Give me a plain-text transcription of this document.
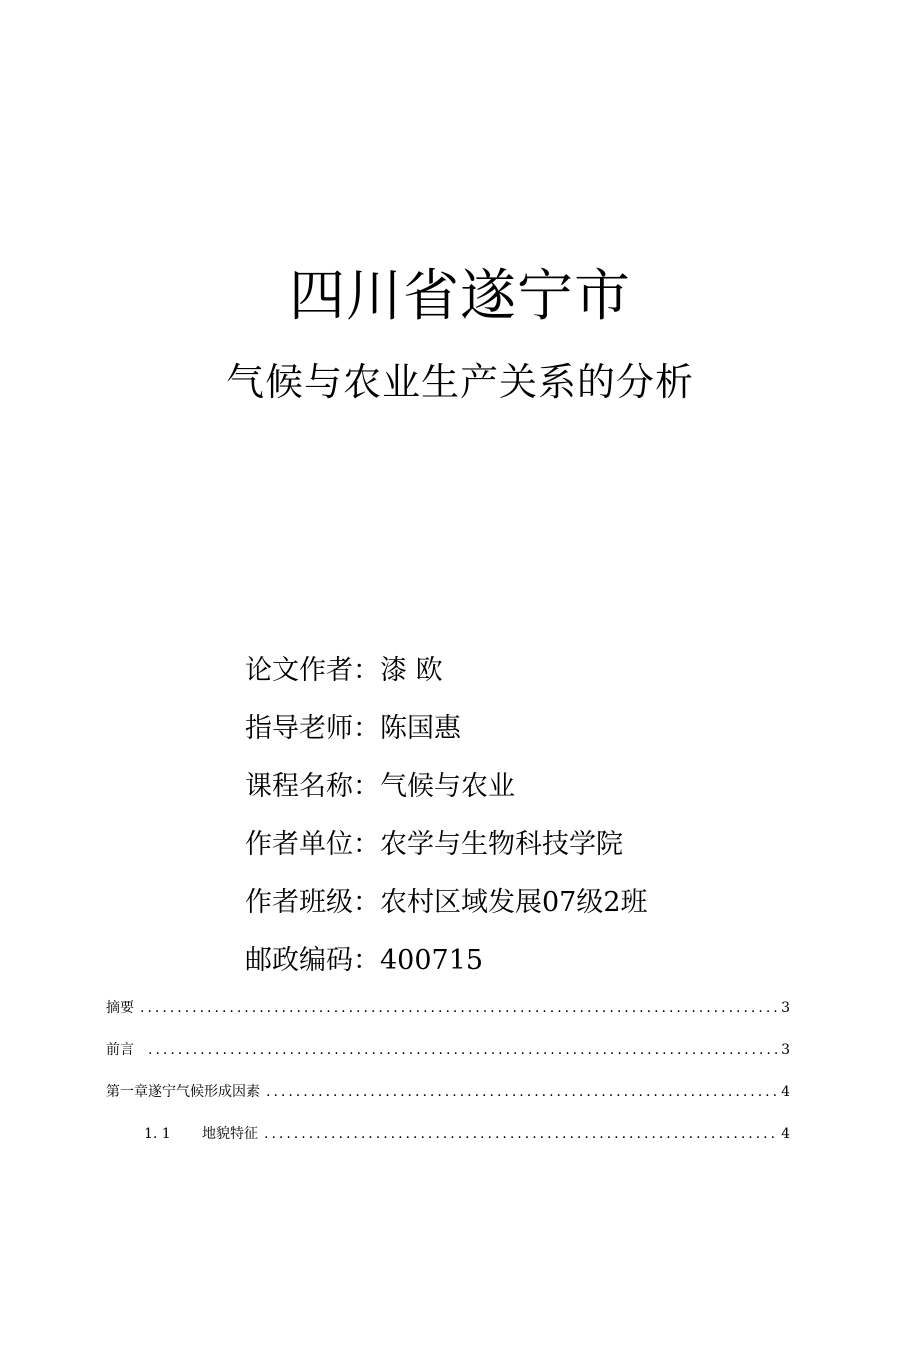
四川省遂宁市
气候与农业生产关系的分析
论文作者：漆 欧
指导老师：陈国惠
课程名称：气候与农业
作者单位：农学与生物科技学院
作者班级：农村区域发展07级2班
邮政编码：400715
摘要 .....	3
前言 .....	3
第一章遂宁气候形成因素 .....	4
1. 1	地貌特征 .....	4
